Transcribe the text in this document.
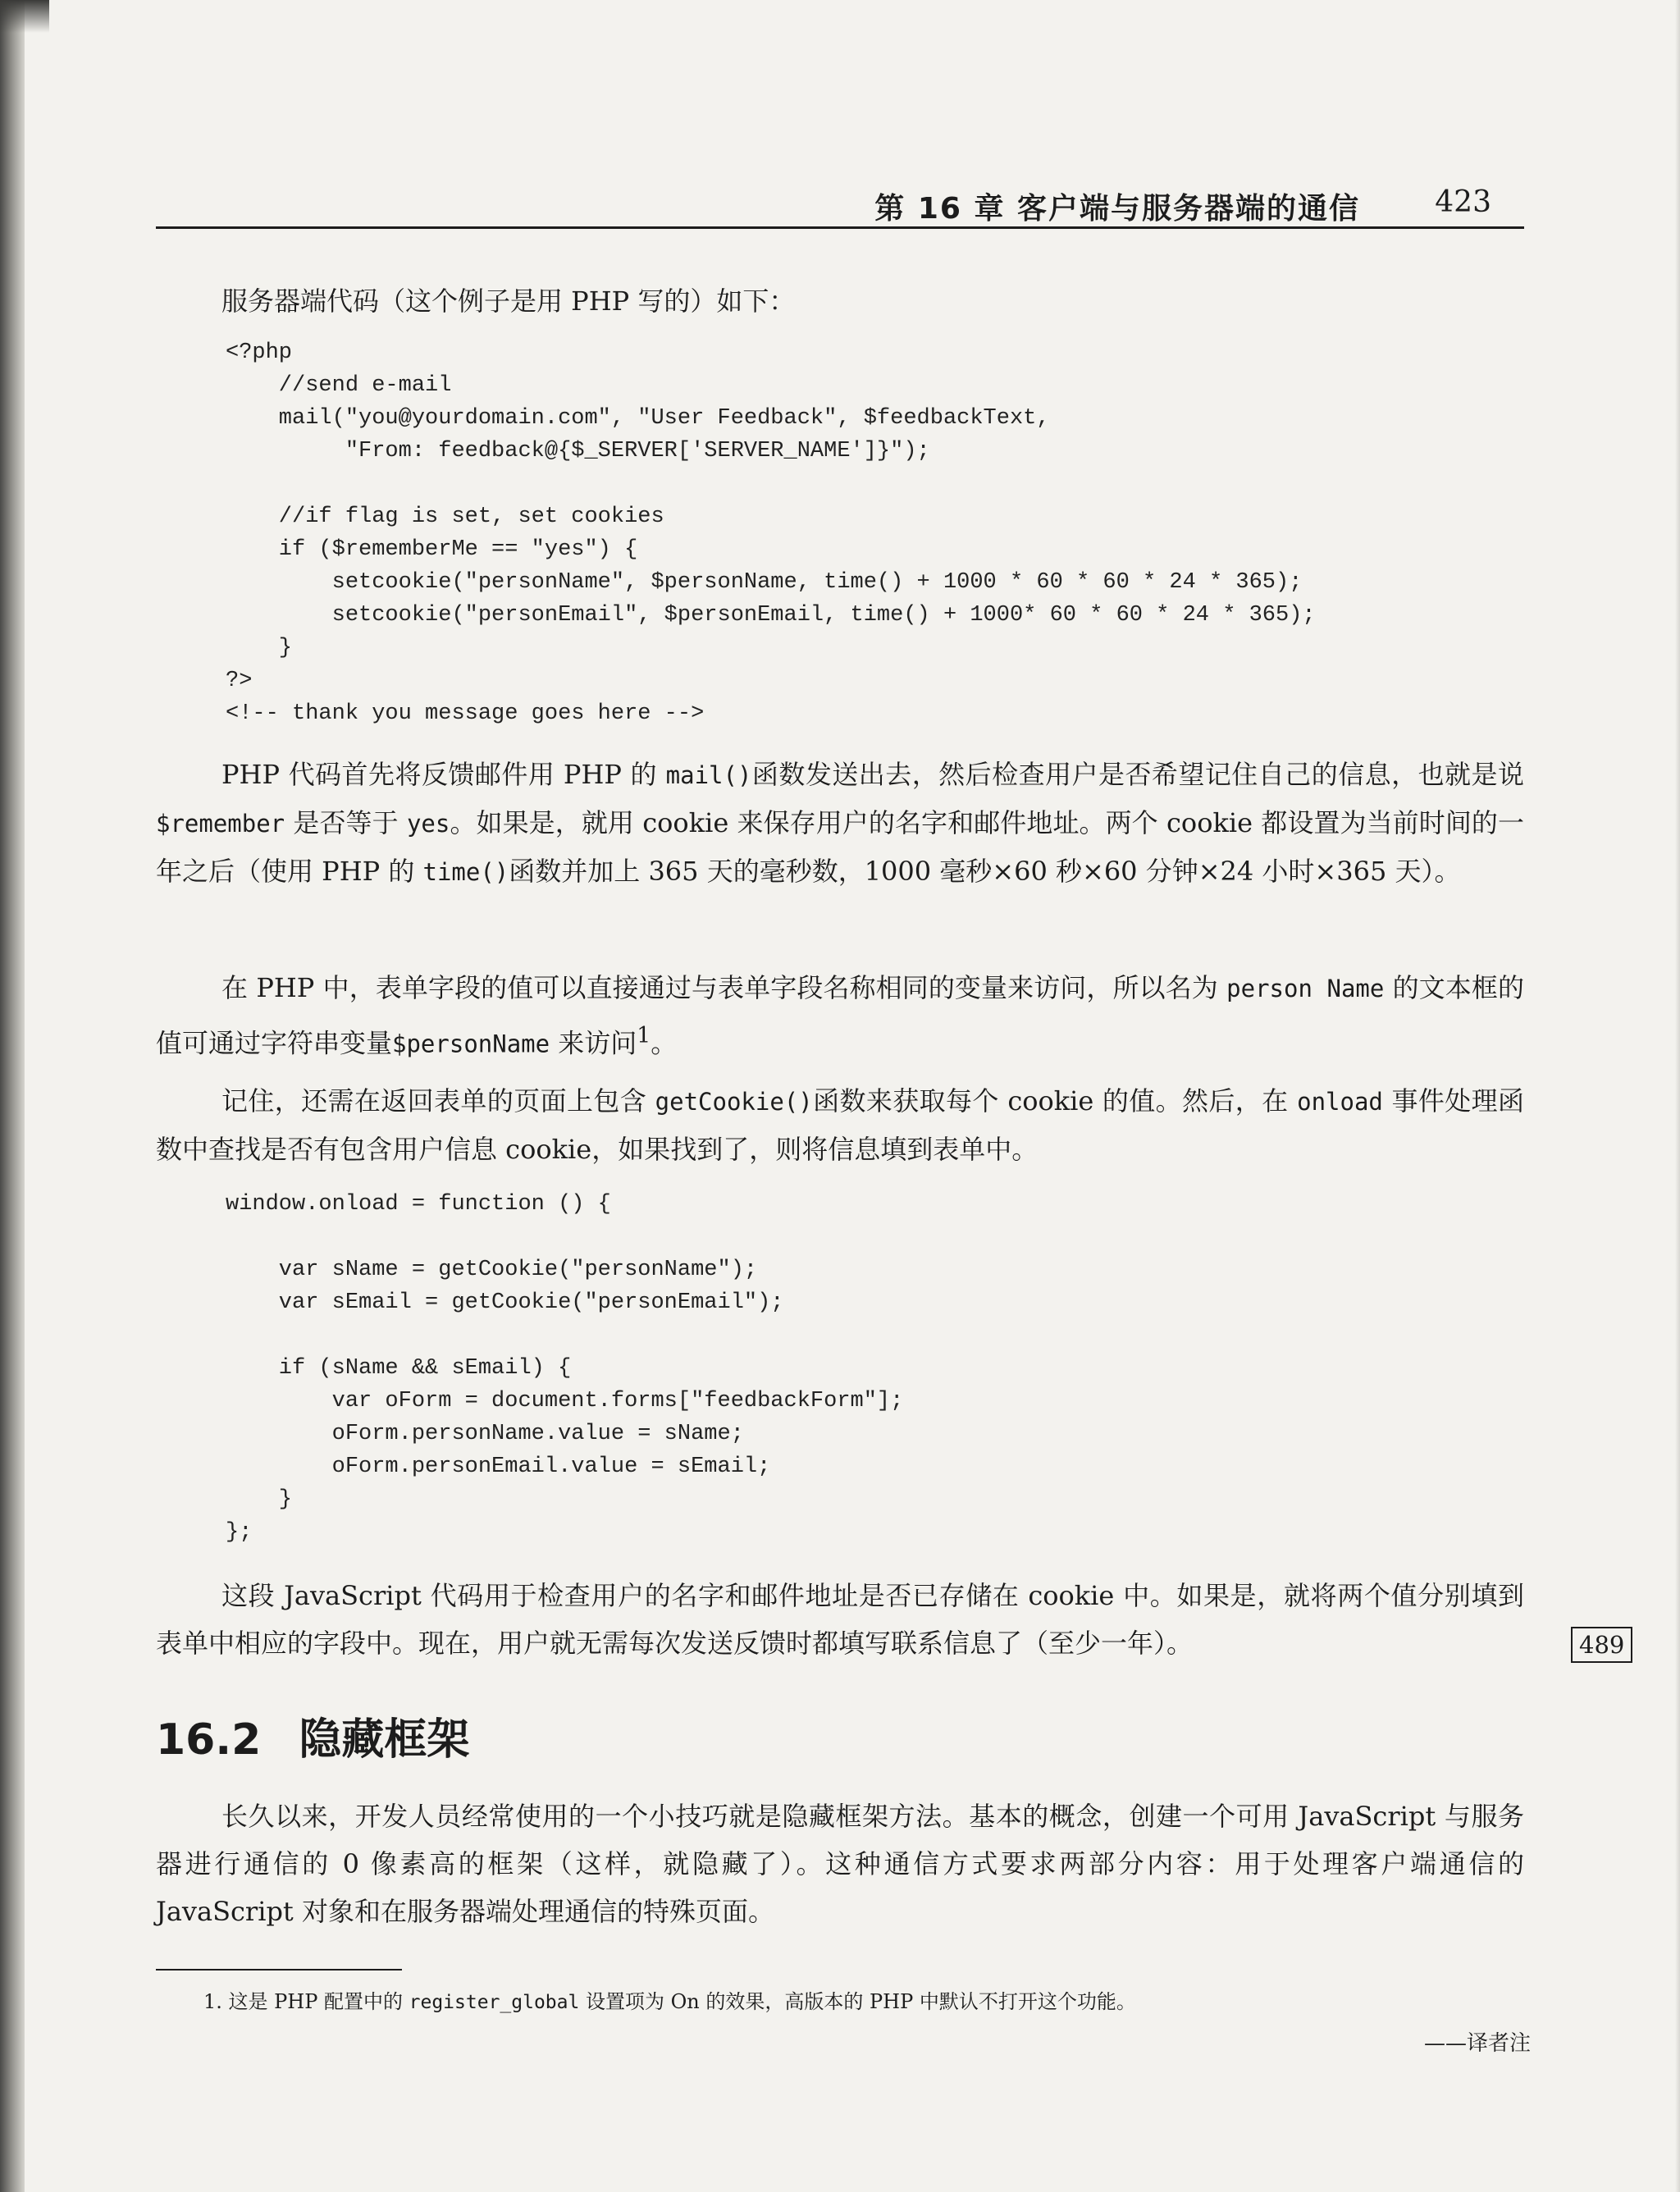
第 16 章 客户端与服务器端的通信	423

服务器端代码（这个例子是用 PHP 写的）如下：

<?php
//send e-mail
mail("you@yourdomain.com", "User Feedback", $feedbackText,
"From: feedback@{$_SERVER['SERVER_NAME']}");

//if flag is set, set cookies
if ($rememberMe == "yes") {
setcookie("personName", $personName, time() + 1000 * 60 * 60 * 24 * 365);
setcookie("personEmail", $personEmail, time() + 1000* 60 * 60 * 24 * 365);
}
?>
<!-- thank you message goes here -->

PHP 代码首先将反馈邮件用 PHP 的 mail()函数发送出去，然后检查用户是否希望记住自己的信息，也就是说$remember 是否等于 yes。如果是，就用 cookie 来保存用户的名字和邮件地址。两个 cookie 都设置为当前时间的一年之后（使用 PHP 的 time()函数并加上 365 天的毫秒数，1000 毫秒×60 秒×60 分钟×24 小时×365 天）。

在 PHP 中，表单字段的值可以直接通过与表单字段名称相同的变量来访问，所以名为 person Name 的文本框的值可通过字符串变量$personName 来访问$^1$。

记住，还需在返回表单的页面上包含 getCookie()函数来获取每个 cookie 的值。然后，在 onload 事件处理函数中查找是否有包含用户信息 cookie，如果找到了，则将信息填到表单中。

window.onload = function () {

var sName = getCookie("personName");
var sEmail = getCookie("personEmail");

if (sName && sEmail) {
var oForm = document.forms["feedbackForm"];
oForm.personName.value = sName;
oForm.personEmail.value = sEmail;
}
};

这段 JavaScript 代码用于检查用户的名字和邮件地址是否已存储在 cookie 中。如果是，就将两个值分别填到表单中相应的字段中。现在，用户就无需每次发送反馈时都填写联系信息了（至少一年）。	489
16.2 隐藏框架

长久以来，开发人员经常使用的一个小技巧就是隐藏框架方法。基本的概念，创建一个可用 JavaScript 与服务器进行通信的 0 像素高的框架（这样，就隐藏了）。这种通信方式要求两部分内容：用于处理客户端通信的 JavaScript 对象和在服务器端处理通信的特殊页面。

1. 这是 PHP 配置中的 register_global 设置项为 On 的效果，高版本的 PHP 中默认不打开这个功能。
——译者注
